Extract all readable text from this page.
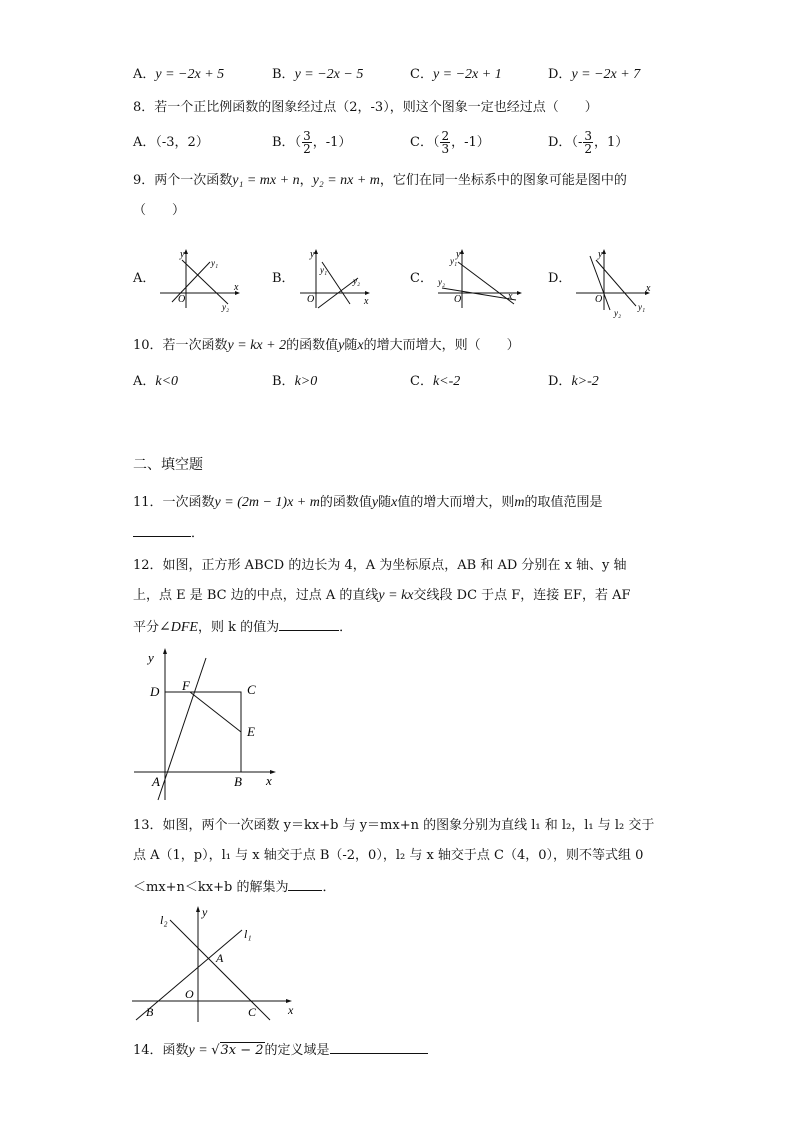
A．y = −2x + 5	B．y = −2x − 5	C．y = −2x + 1	D．y = −2x + 7
8．若一个正比例函数的图象经过点（2，-3），则这个图象一定也经过点（　　）
A．（-3，2）	B．（ $\frac{3}{2}$ ，-1）	C．（ $\frac{2}{3}$ ，-1）	D．（- $\frac{3}{2}$ ，1）
9．两个一次函数y₁ = mx + n，y₂ = nx + m，它们在同一坐标系中的图象可能是图中的
（　　）
A．	B．	C．	D．
y
x
O
y₁
y₂
y
x
O
y₁
y₂
y
x
O
y₁
y₂
y
x
O
y₁
y₂
10．若一次函数y = kx + 2的函数值y随x的增大而增大，则（　　）
A．k<0	B．k>0	C．k<-2	D．k>-2
二、填空题
11．一次函数y = (2m − 1)x + m的函数值y随x值的增大而增大，则m的取值范围是
．
12．如图，正方形 ABCD 的边长为 4，A 为坐标原点，AB 和 AD 分别在 x 轴、y 轴
上，点 E 是 BC 边的中点，过点 A 的直线y = kx交线段 DC 于点 F，连接 EF，若 AF
平分∠DFE，则 k 的值为	．
y
x
D F	C
E
A	B
13．如图，两个一次函数 y＝kx+b 与 y＝mx+n 的图象分别为直线 l₁ 和 l₂，l₁ 与 l₂ 交于
点 A（1，p），l₁ 与 x 轴交于点 B（-2，0），l₂ 与 x 轴交于点 C（4，0），则不等式组 0
＜mx+n＜kx+b 的解集为	．
l₂
l₁
y
x
A
O
B	C
14．函数y = √3x − 2的定义域是
